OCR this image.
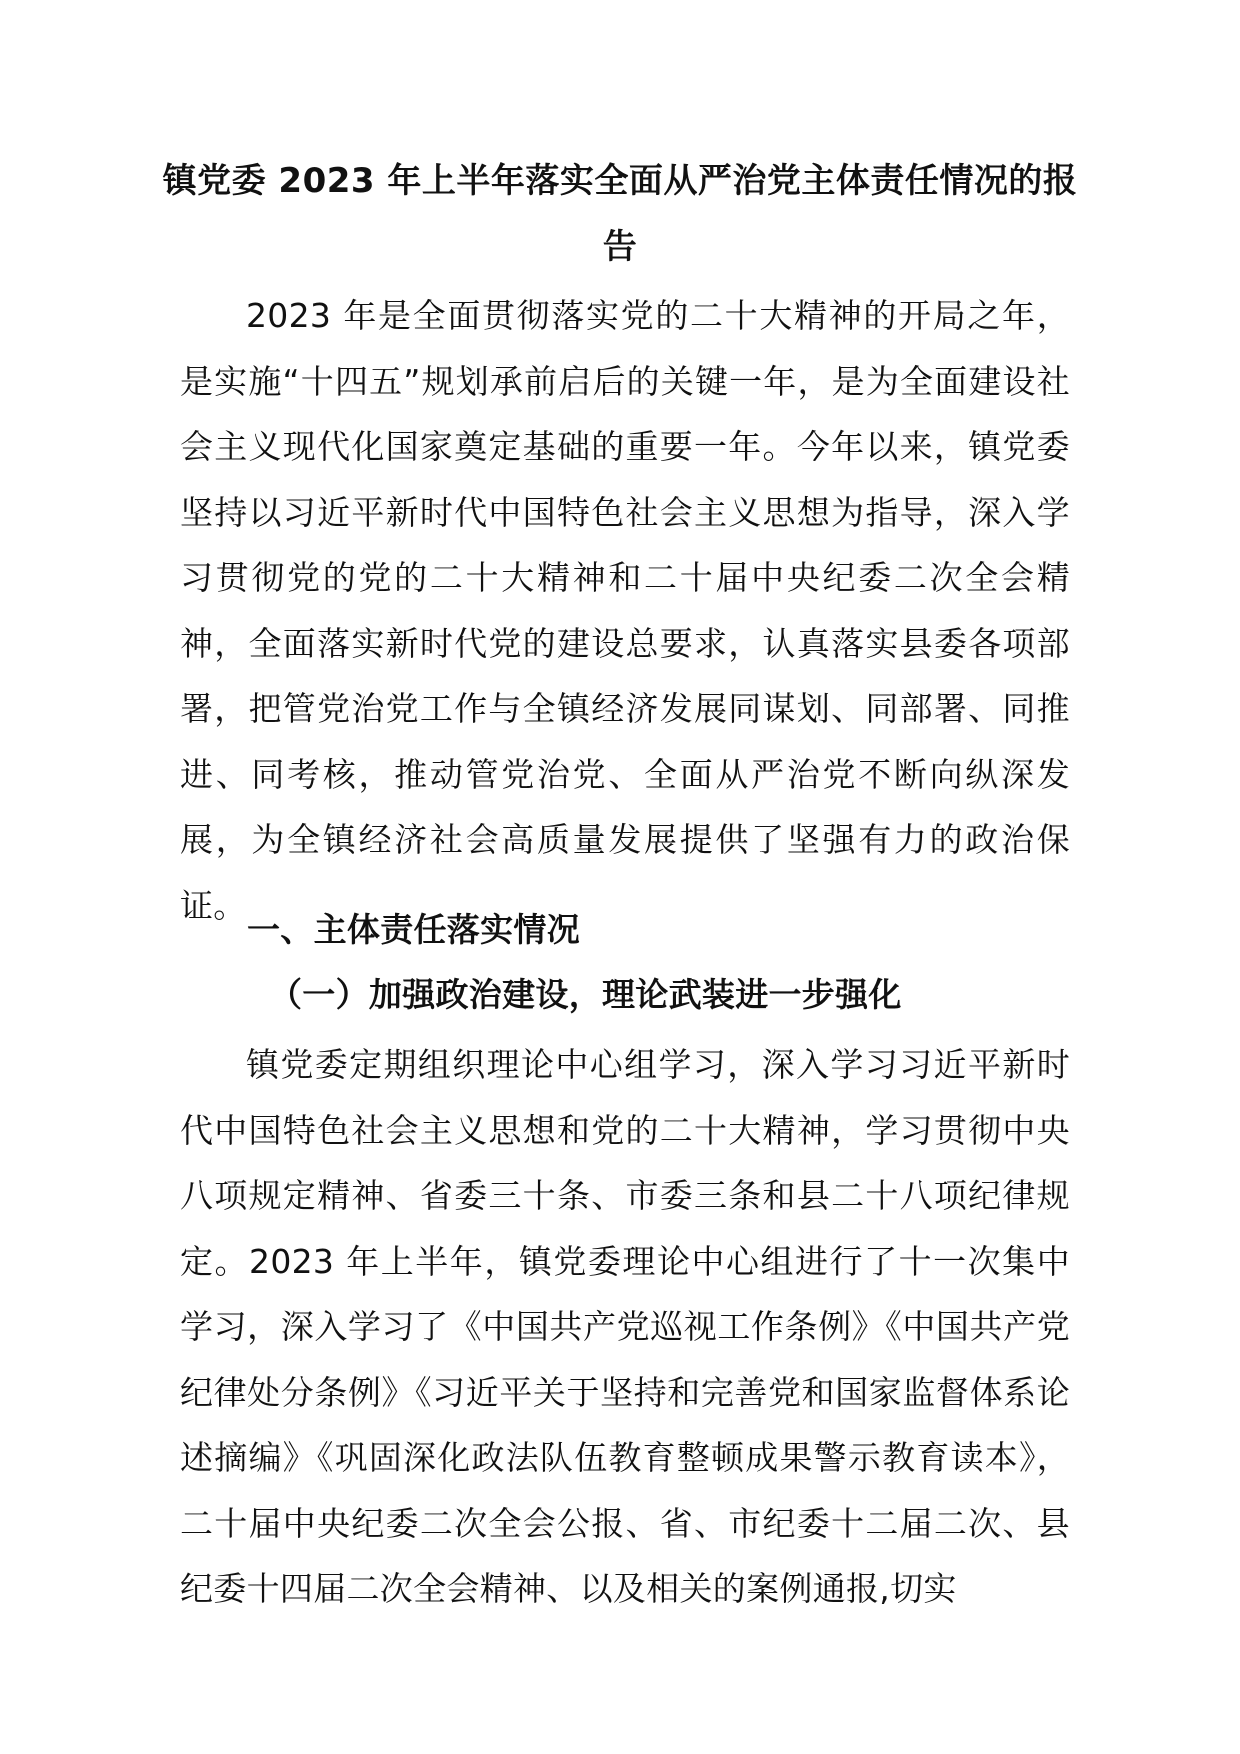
镇党委 2023 年上半年落实全面从严治党主体责任情况的报告

2023 年是全面贯彻落实党的二十大精神的开局之年，是实施“十四五”规划承前启后的关键一年，是为全面建设社会主义现代化国家奠定基础的重要一年。今年以来，镇党委坚持以习近平新时代中国特色社会主义思想为指导，深入学习贯彻党的党的二十大精神和二十届中央纪委二次全会精神，全面落实新时代党的建设总要求，认真落实县委各项部署，把管党治党工作与全镇经济发展同谋划、同部署、同推进、同考核，推动管党治党、全面从严治党不断向纵深发展，为全镇经济社会高质量发展提供了坚强有力的政治保证。

一、主体责任落实情况
（一）加强政治建设，理论武装进一步强化

镇党委定期组织理论中心组学习，深入学习习近平新时代中国特色社会主义思想和党的二十大精神，学习贯彻中央八项规定精神、省委三十条、市委三条和县二十八项纪律规定。2023 年上半年，镇党委理论中心组进行了十一次集中学习，深入学习了《中国共产党巡视工作条例》《中国共产党纪律处分条例》《习近平关于坚持和完善党和国家监督体系论述摘编》《巩固深化政法队伍教育整顿成果警示教育读本》，二十届中央纪委二次全会公报、省、市纪委十二届二次、县纪委十四届二次全会精神、以及相关的案例通报,切实
